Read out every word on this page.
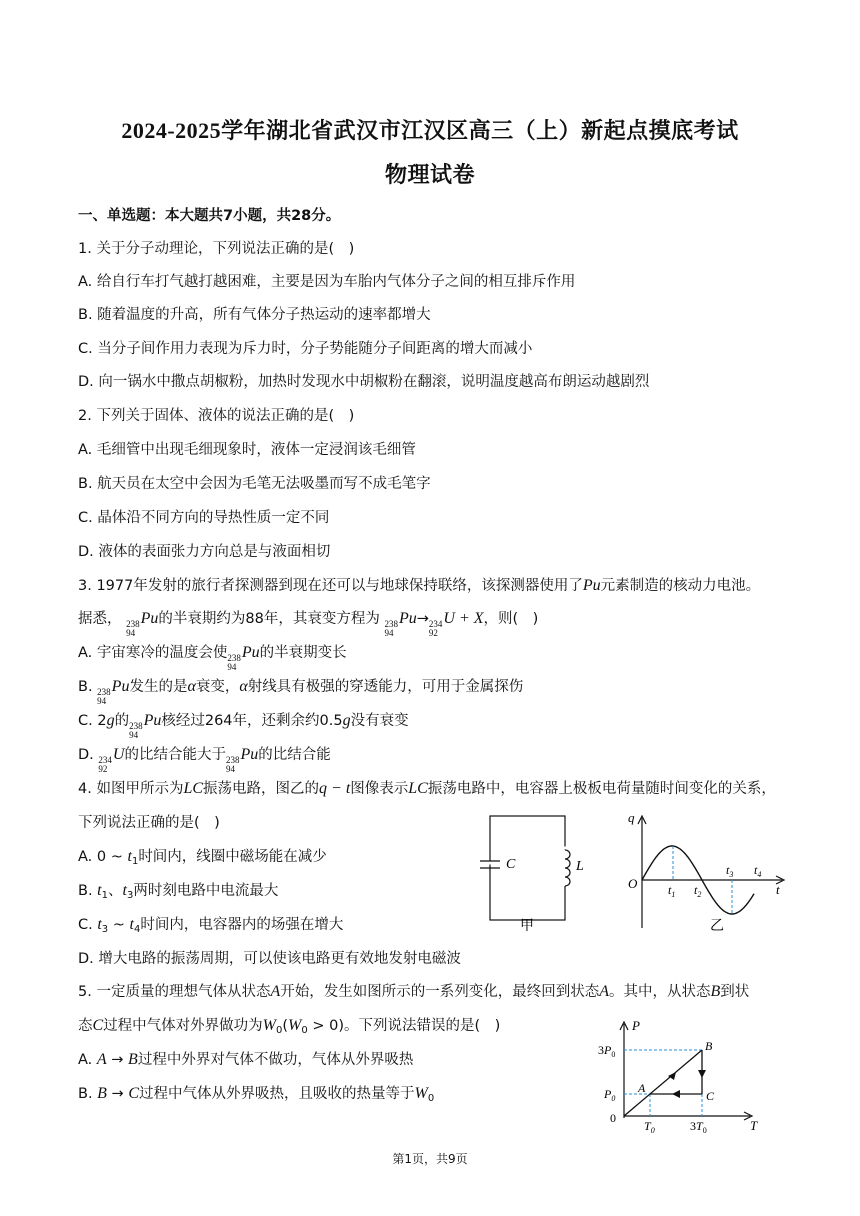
2024-2025学年湖北省武汉市江汉区高三（上）新起点摸底考试
物理试卷
一、单选题：本大题共7小题，共28分。
1. 关于分子动理论，下列说法正确的是(　)
A. 给自行车打气越打越困难，主要是因为车胎内气体分子之间的相互排斥作用
B. 随着温度的升高，所有气体分子热运动的速率都增大
C. 当分子间作用力表现为斥力时，分子势能随分子间距离的增大而减小
D. 向一锅水中撒点胡椒粉，加热时发现水中胡椒粉在翻滚，说明温度越高布朗运动越剧烈
2. 下列关于固体、液体的说法正确的是(　)
A. 毛细管中出现毛细现象时，液体一定浸润该毛细管
B. 航天员在太空中会因为毛笔无法吸墨而写不成毛笔字
C. 晶体沿不同方向的导热性质一定不同
D. 液体的表面张力方向总是与液面相切
3. 1977年发射的旅行者探测器到现在还可以与地球保持联络，该探测器使用了Pu元素制造的核动力电池。
据悉， 238
94
Pu的半衰期约为88年，其衰变方程为 238
94
Pu→ 234
92
U + X，则(　)
A. 宇宙寒冷的温度会使 238
94
Pu的半衰期变长
B. 238
94
Pu发生的是α衰变，α射线具有极强的穿透能力，可用于金属探伤
C. 2g的 238
94
Pu核经过264年，还剩余约0.5g没有衰变
D. 234
92
U的比结合能大于 238
94
Pu的比结合能
4. 如图甲所示为LC振荡电路，图乙的q − t图像表示LC振荡电路中，电容器上极板电荷量随时间变化的关系，
下列说法正确的是(　)
A. 0 ~ $t_1$时间内，线圈中磁场能在减少
B. $t_1$、$t_3$两时刻电路中电流最大
C. $t_3$ ~ $t_4$时间内，电容器内的场强在增大
D. 增大电路的振荡周期，可以使该电路更有效地发射电磁波
C	L
甲
q
O	t
$t_1$ $t_2$
$t_3$ $t_4$
乙
5. 一定质量的理想气体从状态A开始，发生如图所示的一系列变化，最终回到状态A。其中，从状态B到状
态C过程中气体对外界做功为$W_0(W_0 > 0)$。下列说法错误的是(　)
A. A → B过程中外界对气体不做功，气体从外界吸热
B. B → C过程中气体从外界吸热，且吸收的热量等于$W_0$
P
$3P_0$
$P_0$
0
A
B
C
T
$T_0$	$3T_0$
第1页，共9页
